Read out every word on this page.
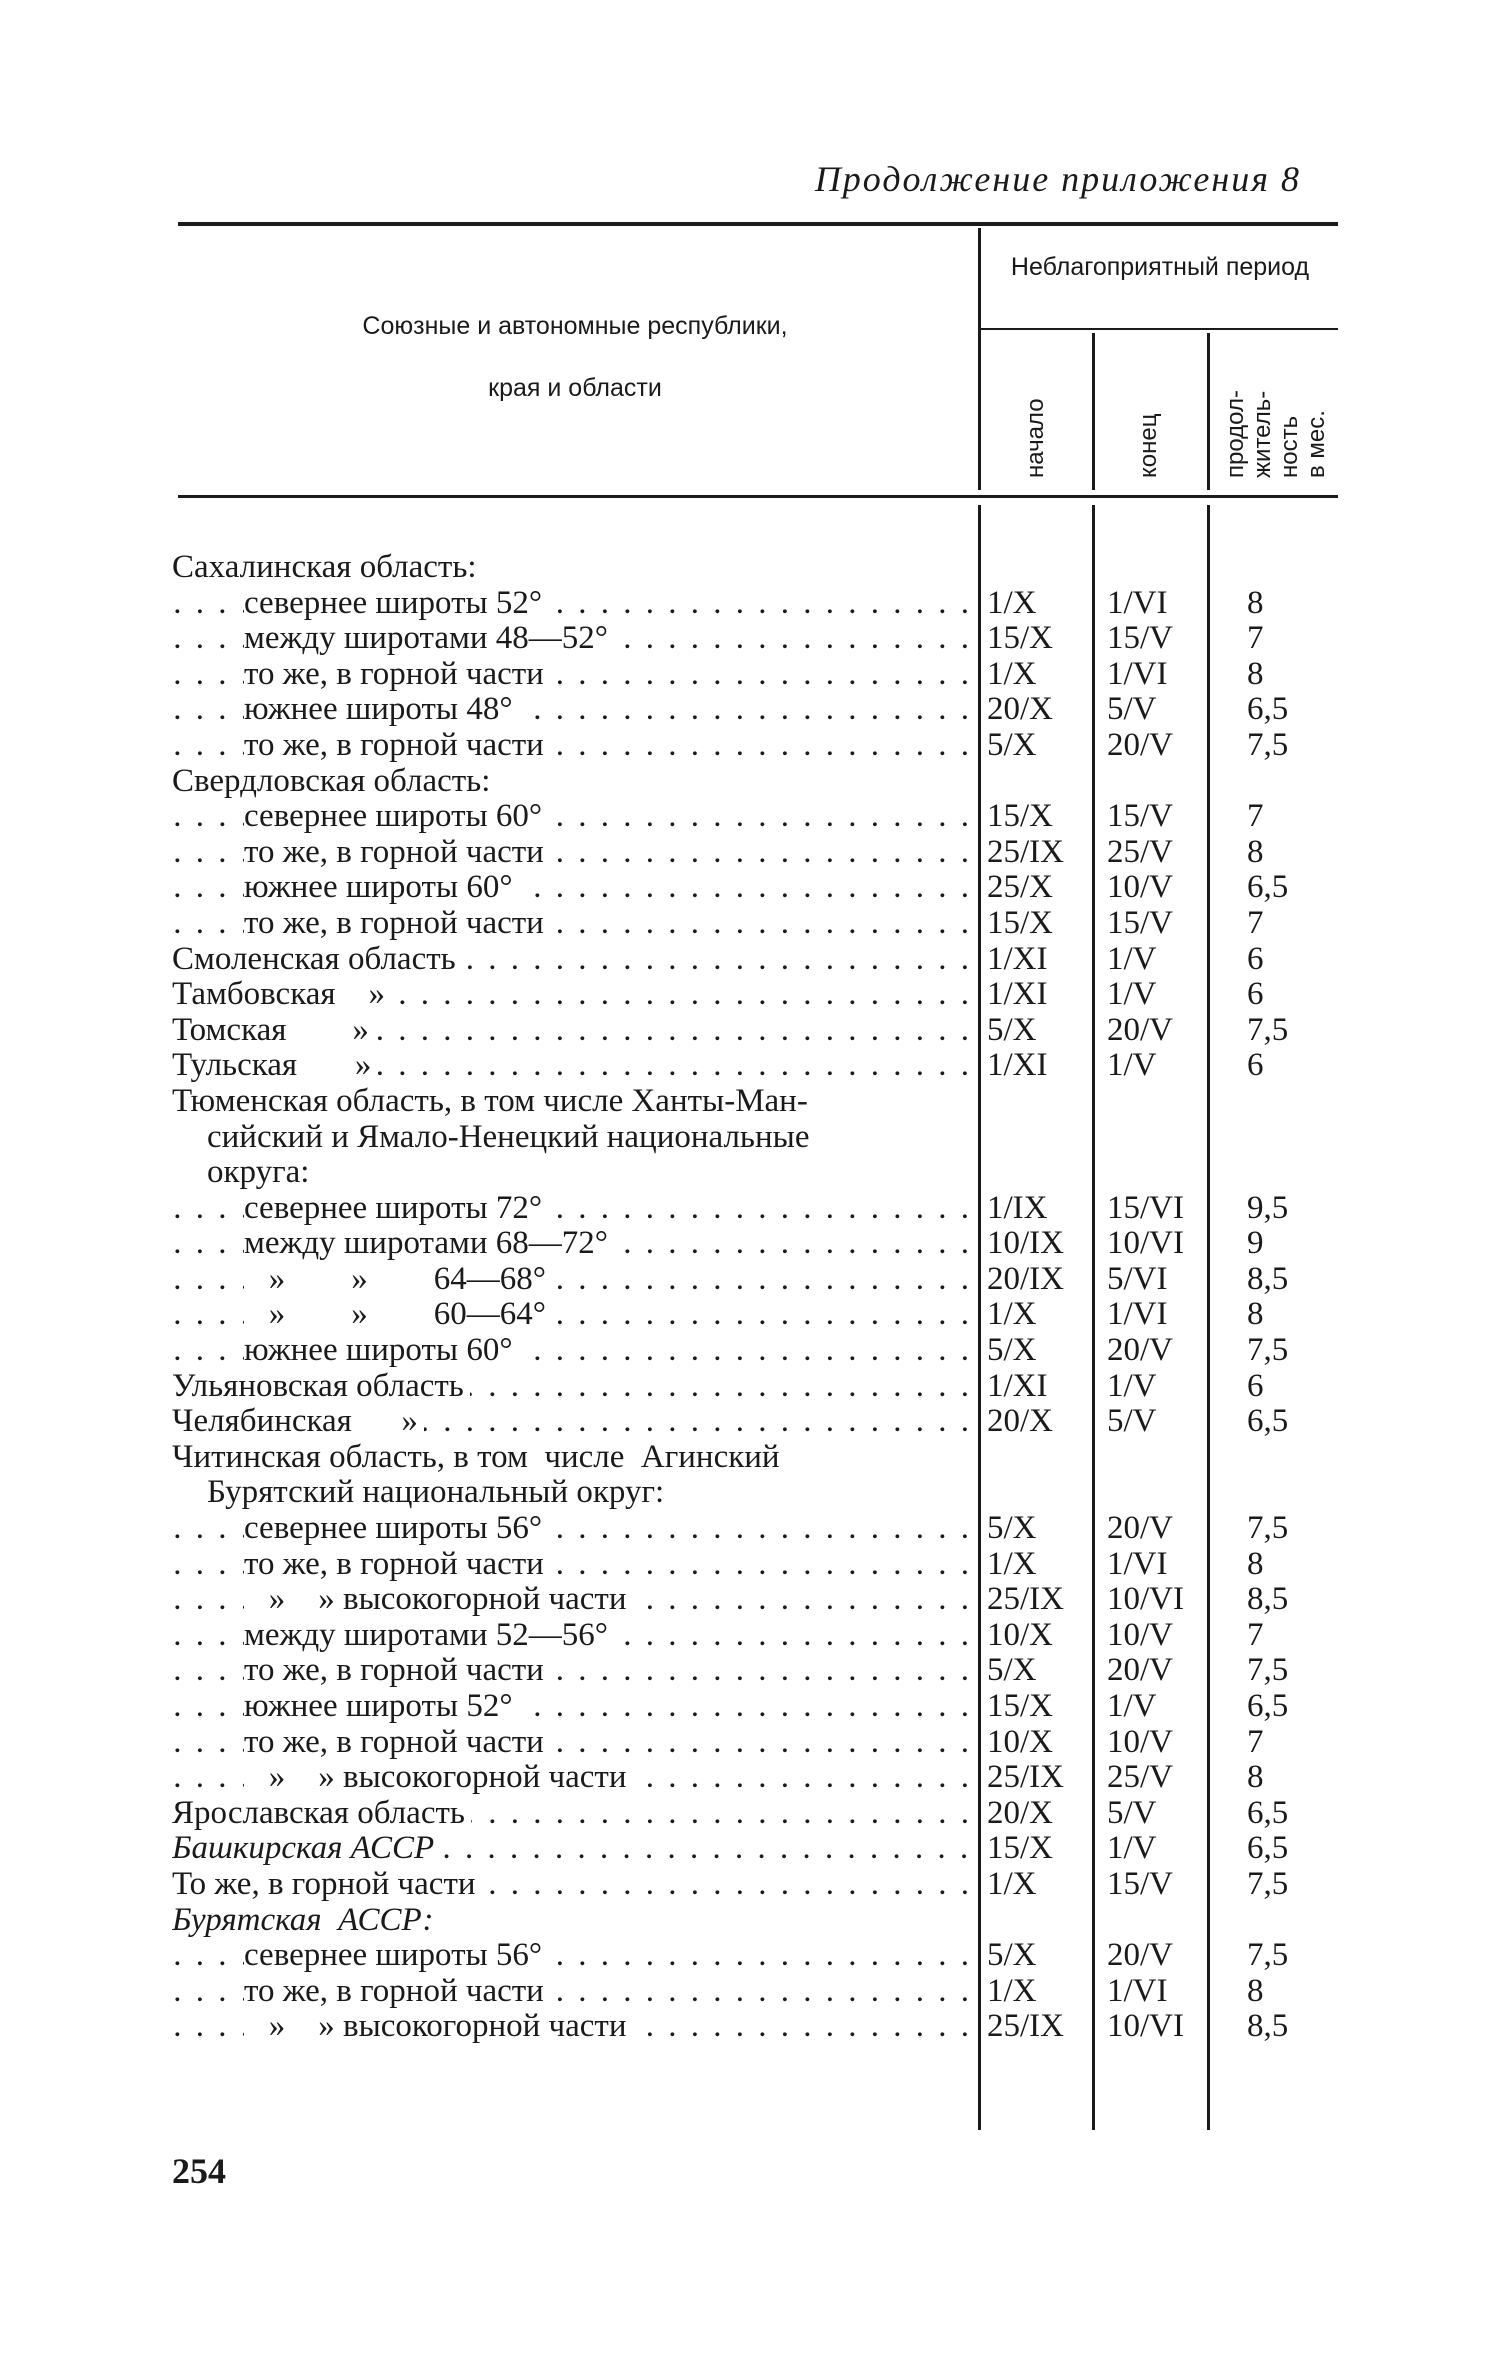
Продолжение приложения 8
Союзные и автономные республики,
края и области
Неблагоприятный период
начало	конец	продол- житель- ность в мес.
Сахалинская область:
севернее широты 52° . . .	1/X	1/VI	8
между широтами 48—52° . . .	15/X	15/V	7
то же, в горной части . . .	1/X	1/VI	8
южнее широты 48° . . .	20/X	5/V	6,5
то же, в горной части . . .	5/X	20/V	7,5
Свердловская область:
севернее широты 60° . . .	15/X	15/V	7
то же, в горной части . . .	25/IX	25/V	8
южнее широты 60° . . .	25/X	10/V	6,5
то же, в горной части . . .	15/X	15/V	7
Смоленская область . . .	1/XI	1/V	6
Тамбовская    » . . .	1/XI	1/V	6
Томская        » . . .	5/X	20/V	7,5
Тульская       » . . .	1/XI	1/V	6
Тюменская область, в том числе Ханты-Ман-
сийский и Ямало-Ненецкий национальные
округа:
севернее широты 72° . . .	1/IX	15/VI	9,5
между широтами 68—72° . . .	10/IX	10/VI	9
»        »        64—68° . . .	20/IX	5/VI	8,5
»        »        60—64° . . .	1/X	1/VI	8
южнее широты 60° . . .	5/X	20/V	7,5
Ульяновская область . . .	1/XI	1/V	6
Челябинская      » . . .	20/X	5/V	6,5
Читинская область, в том  числе  Агинский
Бурятский национальный округ:
севернее широты 56° . . .	5/X	20/V	7,5
то же, в горной части . . .	1/X	1/VI	8
»    » высокогорной части . . .	25/IX	10/VI	8,5
между широтами 52—56° . . .	10/X	10/V	7
то же, в горной части . . .	5/X	20/V	7,5
южнее широты 52° . . .	15/X	1/V	6,5
то же, в горной части . . .	10/X	10/V	7
»    » высокогорной части . . .	25/IX	25/V	8
Ярославская область . . .	20/X	5/V	6,5
Башкирская АССР . . .	15/X	1/V	6,5
То же, в горной части . . .	1/X	15/V	7,5
Бурятская  АССР:
севернее широты 56° . . .	5/X	20/V	7,5
то же, в горной части . . .	1/X	1/VI	8
»    » высокогорной части . . .	25/IX	10/VI	8,5
254
